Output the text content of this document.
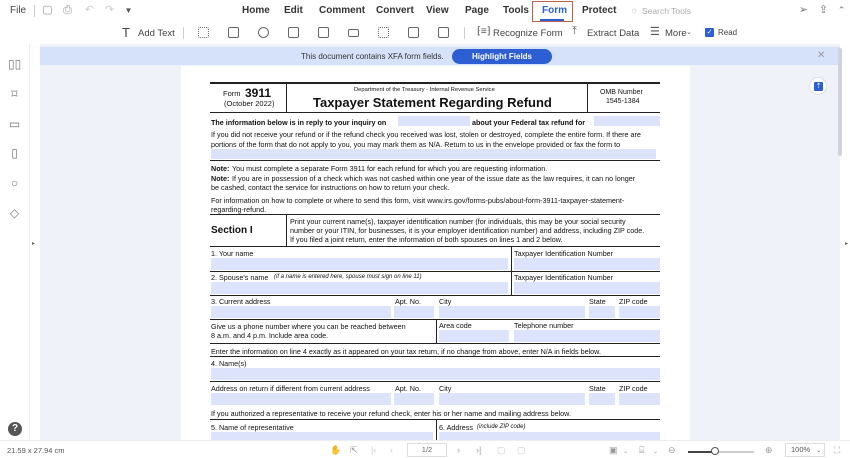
File ▢ ⎙ ↶ ↷ ▼	Home Edit Comment Convert View Page Tools Form Protect ☼ Search Tools	➢ ⇪ ⌃
T Add Text	⁅≡⁆ Recognize Form ⤒ Extract Data ☰ More ⌄ ✓ Read
▯▯
⌑
▭
▯
○
◇
?
▸	▸
This document contains XFA form fields.	Highlight Fields	✕
⇡
Form 3911
(October 2022)
Department of the Treasury - Internal Revenue Service
Taxpayer Statement Regarding Refund
OMB Number
1545-1384
The information below is in reply to your inquiry on	about your Federal tax refund for
If you did not receive your refund or if the refund check you received was lost, stolen or destroyed, complete the entire form. If there are
portions of the form that do not apply to you, you may mark them as N/A. Return to us in the envelope provided or fax the form to
Note: You must complete a separate Form 3911 for each refund for which you are requesting information.
Note: If you are in possession of a check which was not cashed within one year of the issue date as the law requires, it can no longer
be cashed, contact the service for instructions on how to return your check.
For information on how to complete or where to send this form, visit www.irs.gov/forms-pubs/about-form-3911-taxpayer-statement-
regarding-refund.
Section I
Print your current name(s), taxpayer identification number (for individuals, this may be your social security
number or your ITIN, for businesses, it is your employer identification number) and address, including ZIP code.
If you filed a joint return, enter the information of both spouses on lines 1 and 2 below.
1. Your name	Taxpayer Identification Number
2. Spouse's name (if a name is entered here, spouse must sign on line 11)	Taxpayer Identification Number
3. Current address	Apt. No.	City	State ZIP code
Give us a phone number where you can be reached between
8 a.m. and 4 p.m. Include area code.
Area code	Telephone number
Enter the information on line 4 exactly as it appeared on your tax return, if no change from above, enter N/A in fields below.
4. Name(s)
Address on return if different from current address	Apt. No.	City	State ZIP code
If you authorized a representative to receive your refund check, enter his or her name and mailing address below.
5. Name of representative	6. Address (include ZIP code)
21.59 x 27.94 cm	✋ ⇱ |‹ ‹	1/2	› ›| ▢ ▢	▣ ⌄ ⌸ ⌄ ⊖	⊕	100% ⌄	⛶
